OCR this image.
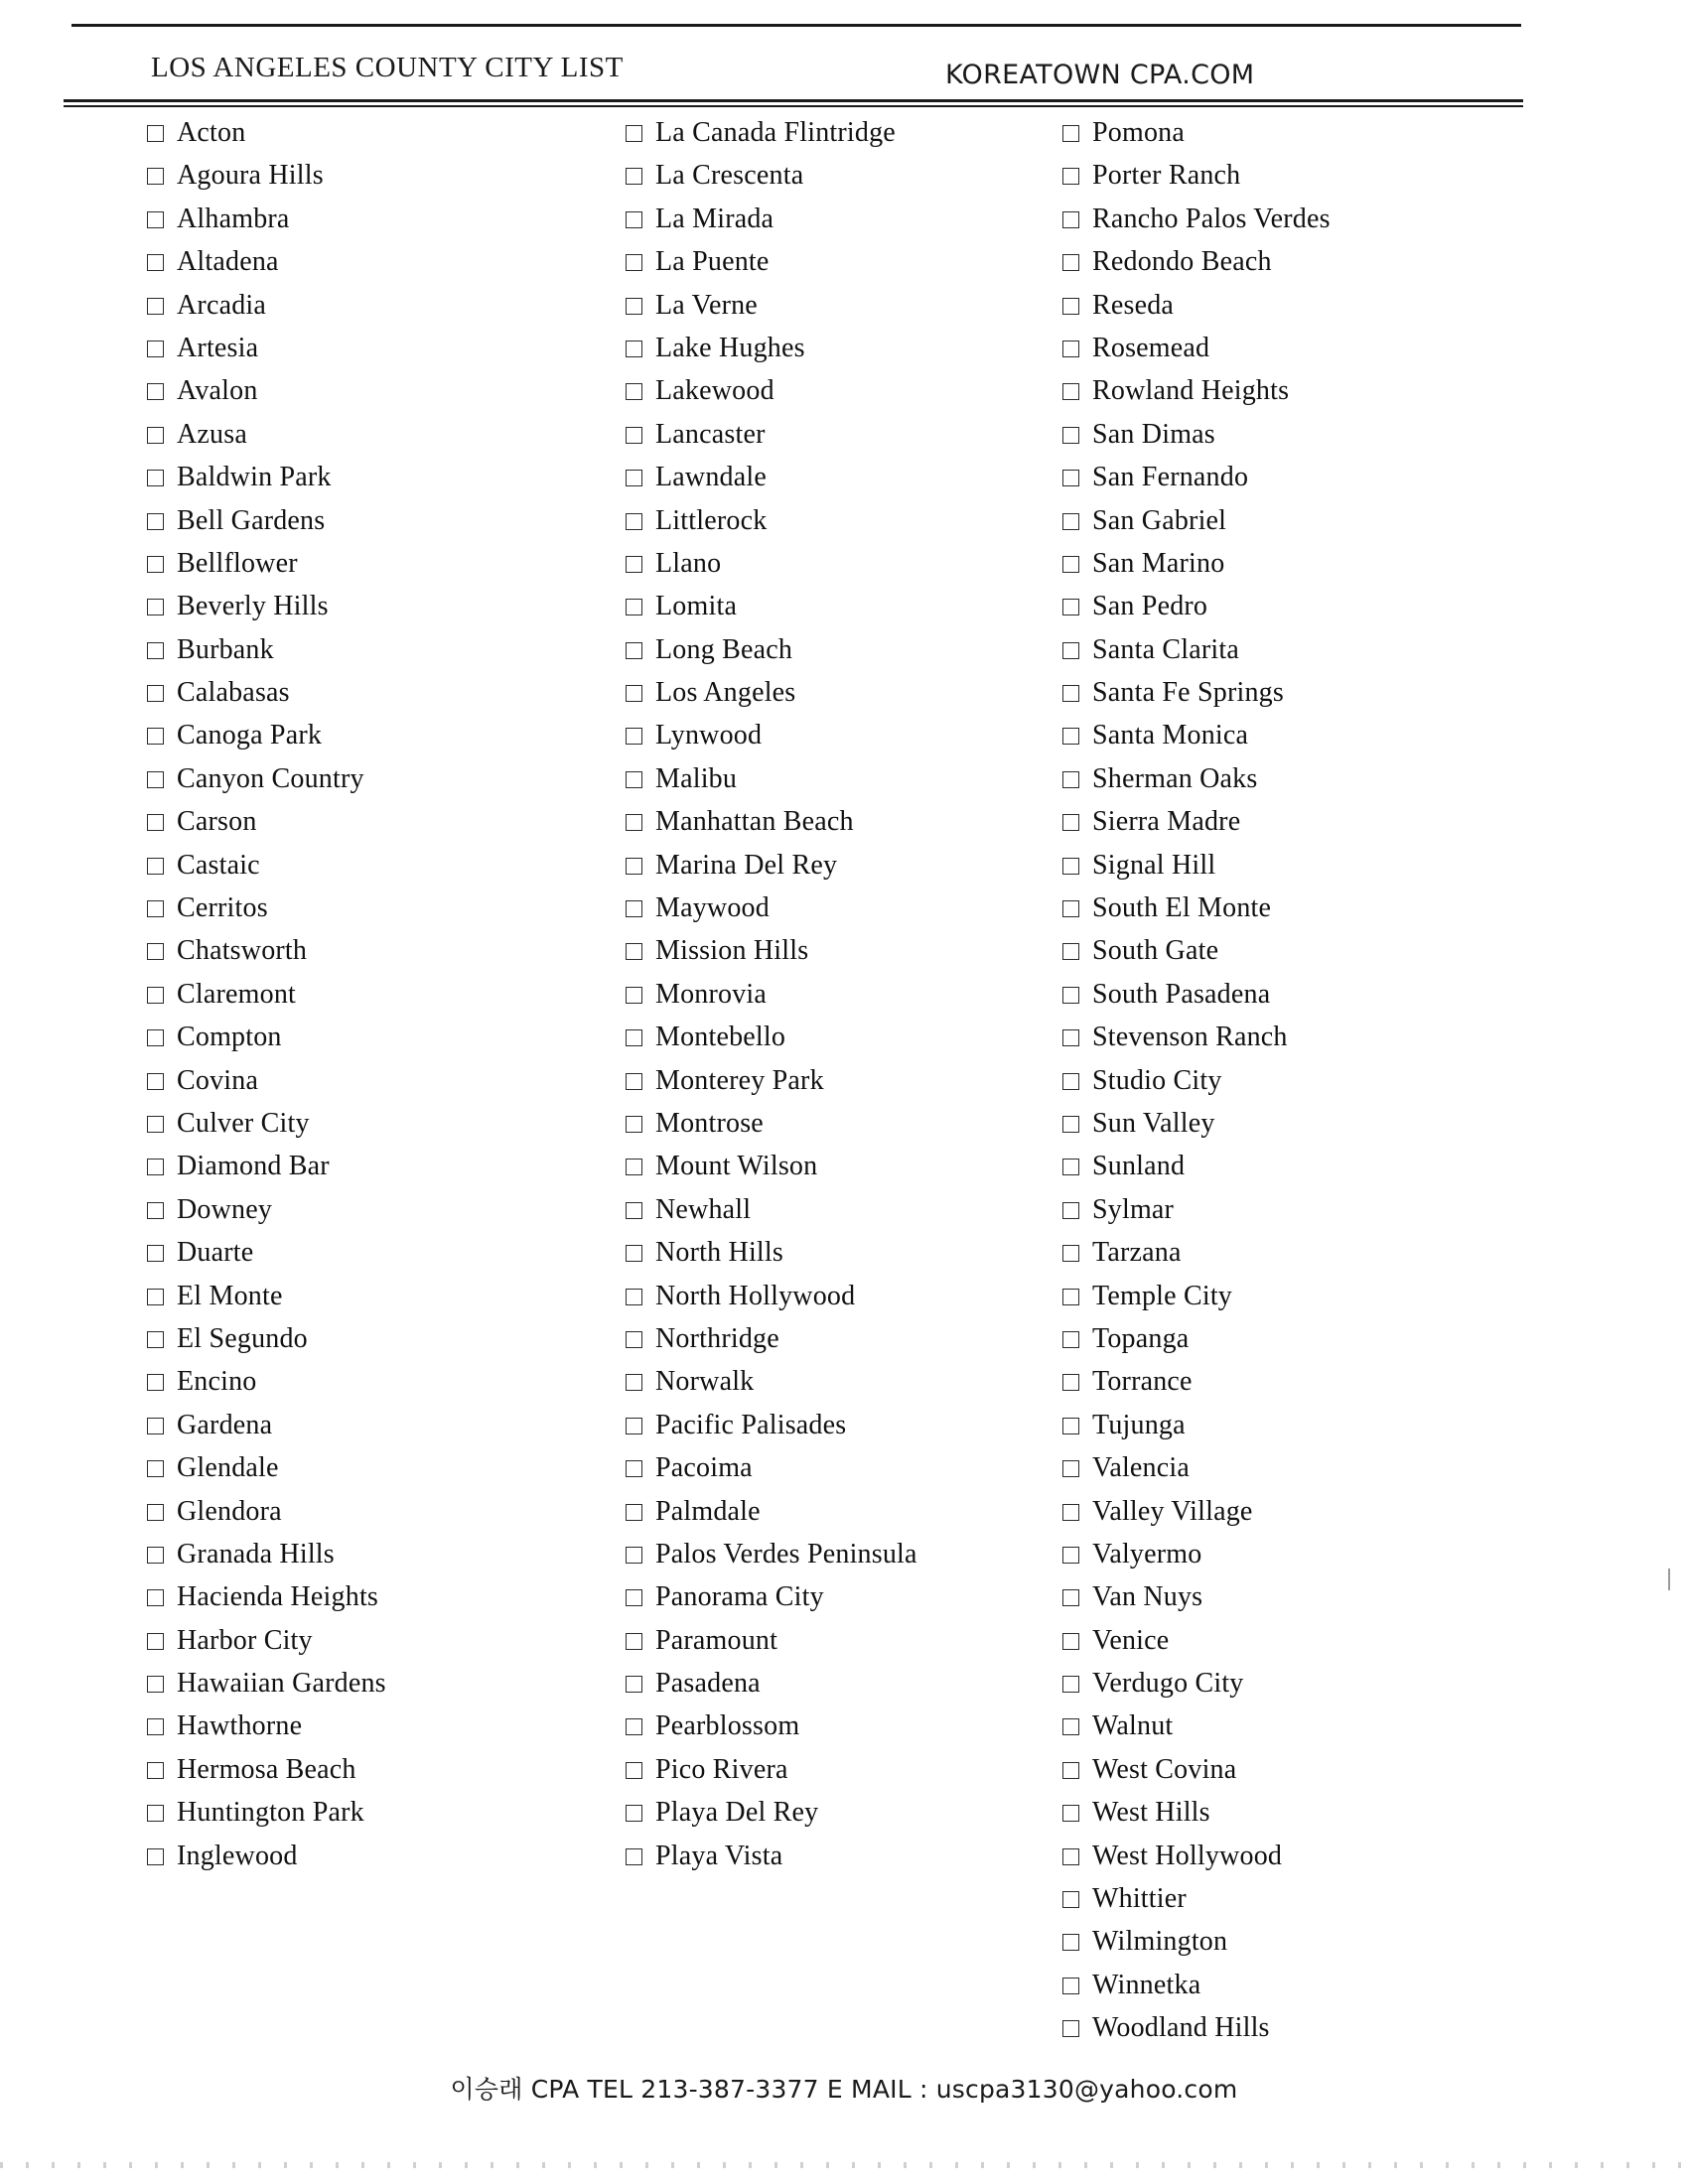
LOS ANGELES COUNTY CITY LIST	KOREATOWN CPA.COM
Acton
Agoura Hills
Alhambra
Altadena
Arcadia
Artesia
Avalon
Azusa
Baldwin Park
Bell Gardens
Bellflower
Beverly Hills
Burbank
Calabasas
Canoga Park
Canyon Country
Carson
Castaic
Cerritos
Chatsworth
Claremont
Compton
Covina
Culver City
Diamond Bar
Downey
Duarte
El Monte
El Segundo
Encino
Gardena
Glendale
Glendora
Granada Hills
Hacienda Heights
Harbor City
Hawaiian Gardens
Hawthorne
Hermosa Beach
Huntington Park
Inglewood
La Canada Flintridge
La Crescenta
La Mirada
La Puente
La Verne
Lake Hughes
Lakewood
Lancaster
Lawndale
Littlerock
Llano
Lomita
Long Beach
Los Angeles
Lynwood
Malibu
Manhattan Beach
Marina Del Rey
Maywood
Mission Hills
Monrovia
Montebello
Monterey Park
Montrose
Mount Wilson
Newhall
North Hills
North Hollywood
Northridge
Norwalk
Pacific Palisades
Pacoima
Palmdale
Palos Verdes Peninsula
Panorama City
Paramount
Pasadena
Pearblossom
Pico Rivera
Playa Del Rey
Playa Vista
Pomona
Porter Ranch
Rancho Palos Verdes
Redondo Beach
Reseda
Rosemead
Rowland Heights
San Dimas
San Fernando
San Gabriel
San Marino
San Pedro
Santa Clarita
Santa Fe Springs
Santa Monica
Sherman Oaks
Sierra Madre
Signal Hill
South El Monte
South Gate
South Pasadena
Stevenson Ranch
Studio City
Sun Valley
Sunland
Sylmar
Tarzana
Temple City
Topanga
Torrance
Tujunga
Valencia
Valley Village
Valyermo
Van Nuys
Venice
Verdugo City
Walnut
West Covina
West Hills
West Hollywood
Whittier
Wilmington
Winnetka
Woodland Hills
이승래 CPA TEL 213-387-3377 E MAIL : uscpa3130@yahoo.com
